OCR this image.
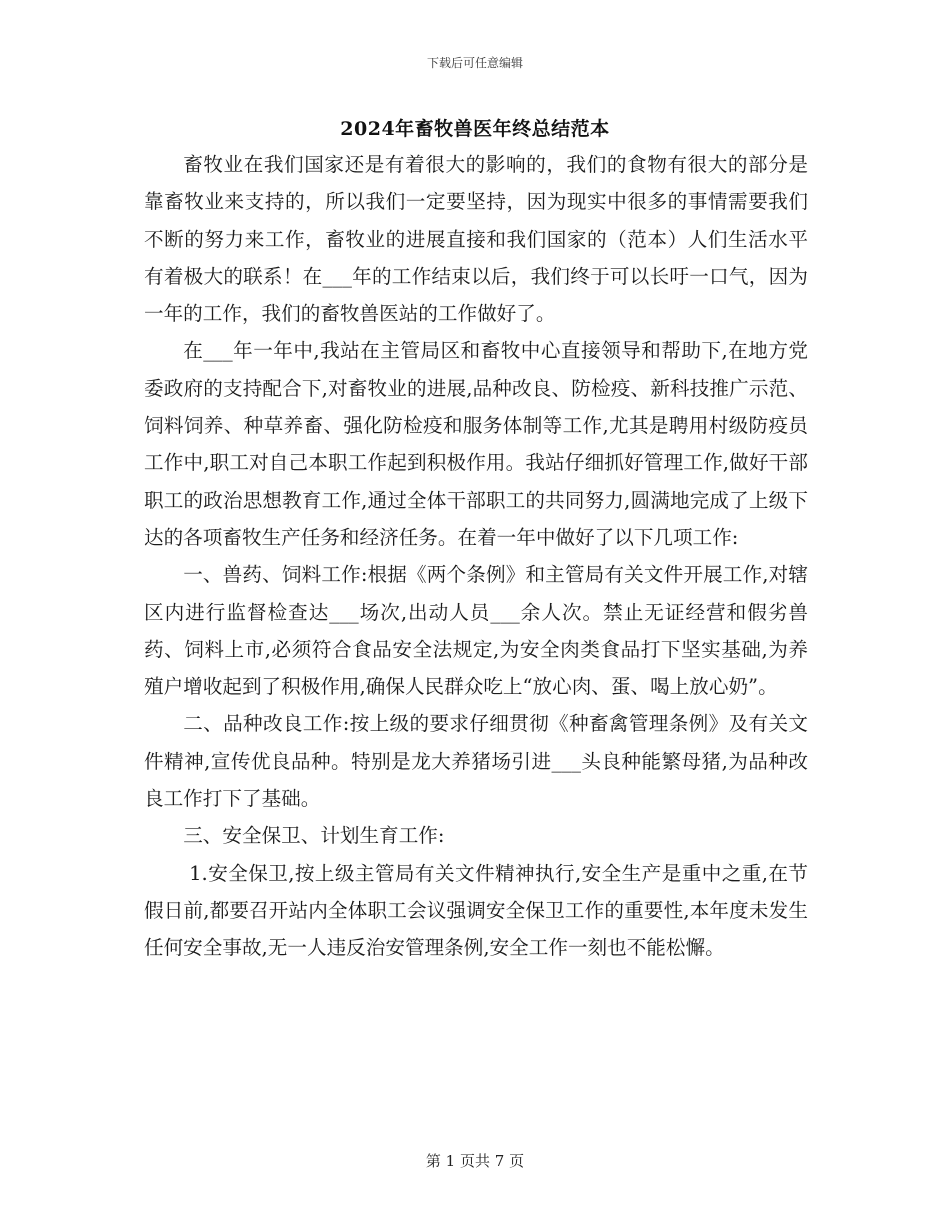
下载后可任意编辑
2024年畜牧兽医年终总结范本

畜牧业在我们国家还是有着很大的影响的，我们的食物有很大的部分是靠畜牧业来支持的，所以我们一定要坚持，因为现实中很多的事情需要我们不断的努力来工作，畜牧业的进展直接和我们国家的（范本）人们生活水平有着极大的联系！在___年的工作结束以后，我们终于可以长吁一口气，因为一年的工作，我们的畜牧兽医站的工作做好了。

在___年一年中,我站在主管局区和畜牧中心直接领导和帮助下,在地方党委政府的支持配合下,对畜牧业的进展,品种改良、防检疫、新科技推广示范、饲料饲养、种草养畜、强化防检疫和服务体制等工作,尤其是聘用村级防疫员工作中,职工对自己本职工作起到积极作用。我站仔细抓好管理工作,做好干部职工的政治思想教育工作,通过全体干部职工的共同努力,圆满地完成了上级下达的各项畜牧生产任务和经济任务。在着一年中做好了以下几项工作:

一、兽药、饲料工作:根据《两个条例》和主管局有关文件开展工作,对辖区内进行监督检查达___场次,出动人员___余人次。禁止无证经营和假劣兽药、饲料上市,必须符合食品安全法规定,为安全肉类食品打下坚实基础,为养殖户增收起到了积极作用,确保人民群众吃上“放心肉、蛋、喝上放心奶”。

二、品种改良工作:按上级的要求仔细贯彻《种畜禽管理条例》及有关文件精神,宣传优良品种。特别是龙大养猪场引进___头良种能繁母猪,为品种改良工作打下了基础。

三、安全保卫、计划生育工作:

1.安全保卫,按上级主管局有关文件精神执行,安全生产是重中之重,在节假日前,都要召开站内全体职工会议强调安全保卫工作的重要性,本年度未发生任何安全事故,无一人违反治安管理条例,安全工作一刻也不能松懈。

第 1 页共 7 页
